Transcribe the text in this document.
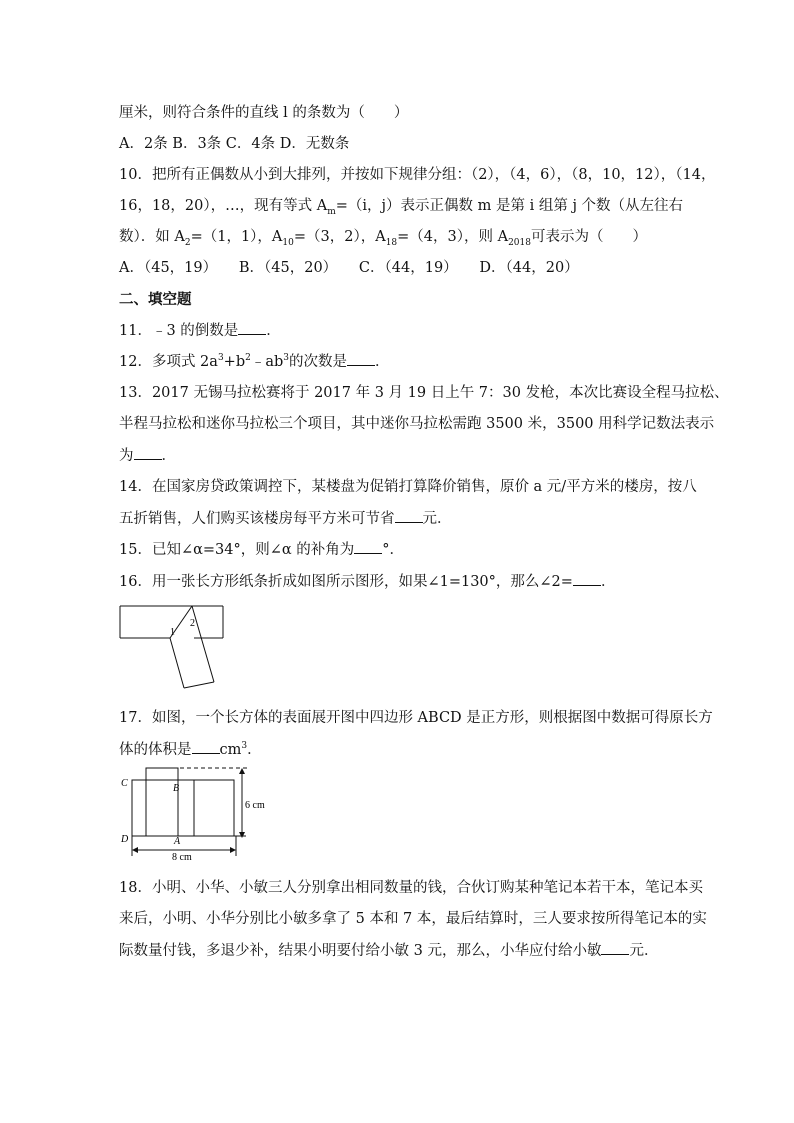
厘米，则符合条件的直线 l 的条数为（　　）
A．2条 B．3条 C．4条 D．无数条
10．把所有正偶数从小到大排列，并按如下规律分组：（2），（4，6），（8，10，12），（14，
16，18，20），…，现有等式 $A_m=(i$，j）表示正偶数 m 是第 i 组第 j 个数（从左往右
数）．如 $A_2=(1$，1），$A_{10}=(3$，2），$A_{18}=(4$，3），则 $A_{2018}$可表示为（　　）
A．（45，19）　　B．（45，20）　　C．（44，19）　　D．（44，20）
二、填空题
11．﹣3 的倒数是 ．
12．多项式 $2a^3+b^2﹣ab^3$的次数是 ．
13．2017 无锡马拉松赛将于 2017 年 3 月 19 日上午 7：30 发枪，本次比赛设全程马拉松、
半程马拉松和迷你马拉松三个项目，其中迷你马拉松需跑 3500 米，3500 用科学记数法表示
为 ．
14．在国家房贷政策调控下，某楼盘为促销打算降价销售，原价 a 元/平方米的楼房，按八
五折销售，人们购买该楼房每平方米可节省 元．
15．已知∠α=34°，则∠α 的补角为 °．
16．用一张长方形纸条折成如图所示图形，如果∠1=130°，那么∠2= ．
1
2
17．如图，一个长方体的表面展开图中四边形 ABCD 是正方形，则根据图中数据可得原长方
体的体积是 $cm^3$．
6 cm
8 cm
C	B
D	A
18．小明、小华、小敏三人分别拿出相同数量的钱，合伙订购某种笔记本若干本，笔记本买
来后，小明、小华分别比小敏多拿了 5 本和 7 本，最后结算时，三人要求按所得笔记本的实
际数量付钱，多退少补，结果小明要付给小敏 3 元，那么，小华应付给小敏 元．
